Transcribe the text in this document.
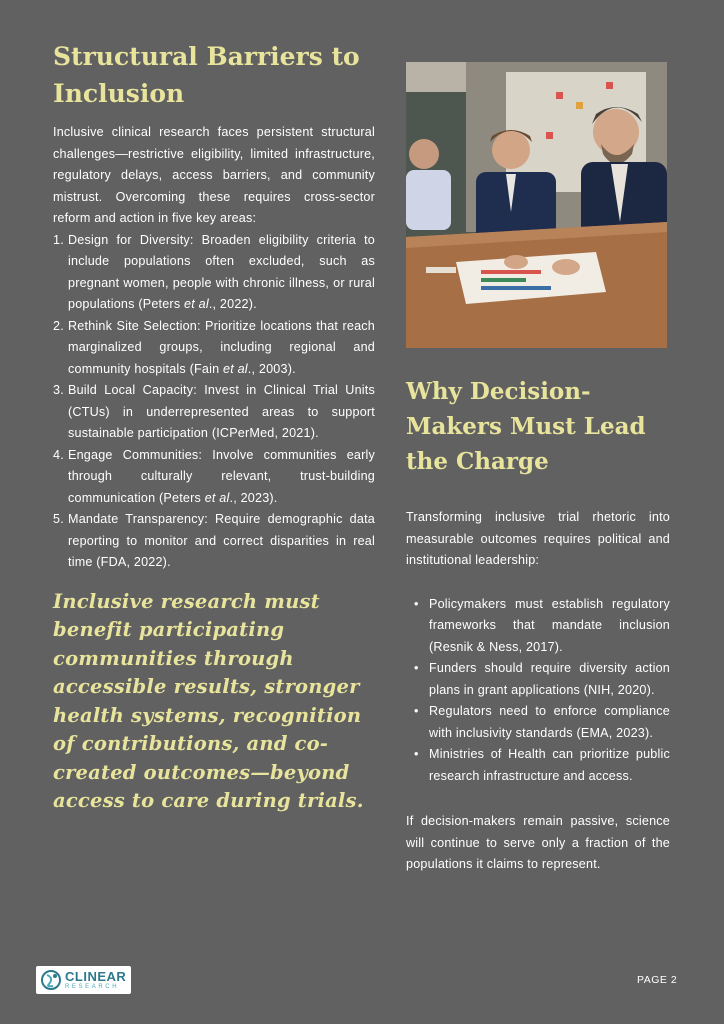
Structural Barriers to Inclusion

Inclusive clinical research faces persistent structural challenges—restrictive eligibility, limited infrastructure, regulatory delays, access barriers, and community mistrust. Overcoming these requires cross-sector reform and action in five key areas:

1. Design for Diversity: Broaden eligibility criteria to include populations often excluded, such as pregnant women, people with chronic illness, or rural populations (Peters et al., 2022).
2. Rethink Site Selection: Prioritize locations that reach marginalized groups, including regional and community hospitals (Fain et al., 2003).
3. Build Local Capacity: Invest in Clinical Trial Units (CTUs) in underrepresented areas to support sustainable participation (ICPerMed, 2021).
4. Engage Communities: Involve communities early through culturally relevant, trust-building communication (Peters et al., 2023).
5. Mandate Transparency: Require demographic data reporting to monitor and correct disparities in real time (FDA, 2022).

Inclusive research must benefit participating communities through accessible results, stronger health systems, recognition of contributions, and co-created outcomes—beyond access to care during trials.

Why Decision-Makers Must Lead the Charge

Transforming inclusive trial rhetoric into measurable outcomes requires political and institutional leadership:

• Policymakers must establish regulatory frameworks that mandate inclusion (Resnik & Ness, 2017).
• Funders should require diversity action plans in grant applications (NIH, 2020).
• Regulators need to enforce compliance with inclusivity standards (EMA, 2023).
• Ministries of Health can prioritize public research infrastructure and access.

If decision-makers remain passive, science will continue to serve only a fraction of the populations it claims to represent.

CLINEAR
RESEARCH
PAGE 2
